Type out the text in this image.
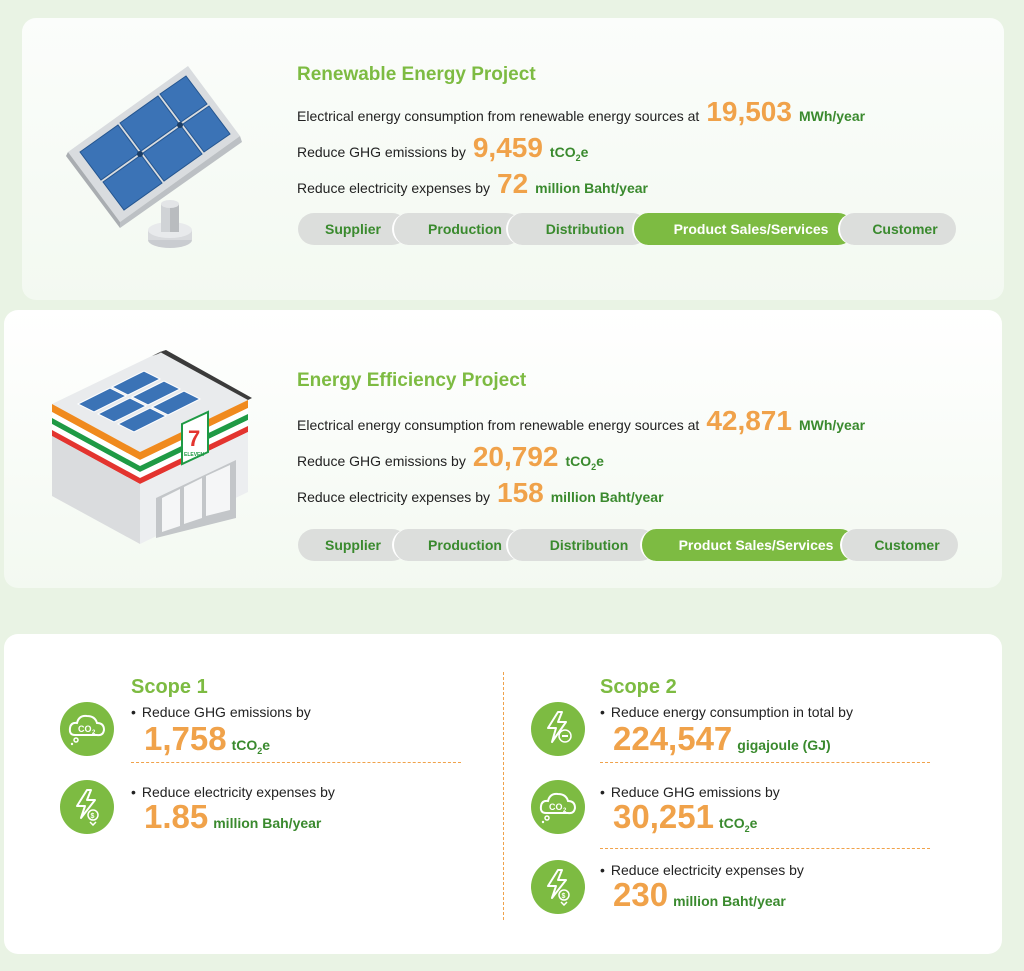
Renewable Energy Project
Electrical energy consumption from renewable energy sources at 19,503 MWh/year
Reduce GHG emissions by 9,459 tCO$_2$e
Reduce electricity expenses by 72 million Baht/year
Supplier	Production	Distribution	Product Sales/Services	Customer
7
ELEVEN
Energy Efficiency Project
Electrical energy consumption from renewable energy sources at 42,871 MWh/year
Reduce GHG emissions by 20,792 tCO$_2$e
Reduce electricity expenses by 158 million Baht/year
Supplier	Production	Distribution	Product Sales/Services	Customer
Scope 1
CO 2
• Reduce GHG emissions by
1,758 tCO$_2$e
$
• Reduce electricity expenses by
1.85 million Bah/year
Scope 2
• Reduce energy consumption in total by
224,547 gigajoule (GJ)
CO 2
• Reduce GHG emissions by
30,251 tCO$_2$e
$
• Reduce electricity expenses by
230 million Baht/year
